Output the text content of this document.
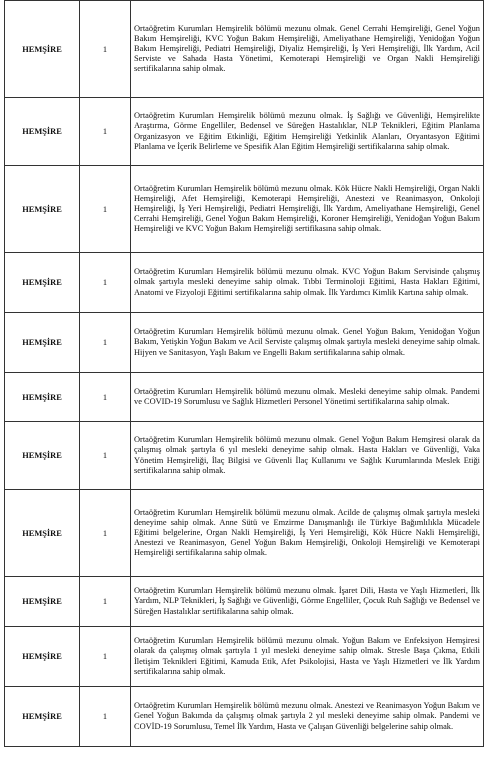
HEMŞİRE	1	Ortaöğretim Kurumları Hemşirelik bölümü mezunu olmak. Genel Cerrahi Hemşireliği, Genel Yoğun Bakım Hemşireliği, KVC Yoğun Bakım Hemşireliği, Ameliyathane Hemşireliği, Yenidoğan Yoğun Bakım Hemşireliği, Pediatri Hemşireliği, Diyaliz Hemşireliği, İş Yeri Hemşireliği, İlk Yardım, Acil Serviste ve Sahada Hasta Yönetimi, Kemoterapi Hemşireliği ve Organ Nakli Hemşireliği sertifikalarına sahip olmak.
HEMŞİRE	1	Ortaöğretim Kurumları Hemşirelik bölümü mezunu olmak. İş Sağlığı ve Güvenliği, Hemşirelikte Araştırma, Görme Engelliler, Bedensel ve Süreğen Hastalıklar, NLP Teknikleri, Eğitim Planlama Organizasyon ve Eğitim Etkinliği, Eğitim Hemşireliği Yetkinlik Alanları, Oryantasyon Eğitimi Planlama ve İçerik Belirleme ve Spesifik Alan Eğitim Hemşireliği sertifikalarına sahip olmak.
HEMŞİRE	1	Ortaöğretim Kurumları Hemşirelik bölümü mezunu olmak. Kök Hücre Nakli Hemşireliği, Organ Nakli Hemşireliği, Afet Hemşireliği, Kemoterapi Hemşireliği, Anestezi ve Reanimasyon, Onkoloji Hemşireliği, İş Yeri Hemşireliği, Pediatri Hemşireliği, İlk Yardım, Ameliyathane Hemşireliği, Genel Cerrahi Hemşireliği, Genel Yoğun Bakım Hemşireliği, Koroner Hemşireliği, Yenidoğan Yoğun Bakım Hemşireliği ve KVC Yoğun Bakım Hemşireliği sertifikasına sahip olmak.
HEMŞİRE	1	Ortaöğretim Kurumları Hemşirelik bölümü mezunu olmak. KVC Yoğun Bakım Servisinde çalışmış olmak şartıyla mesleki deneyime sahip olmak. Tıbbi Terminoloji Eğitimi, Hasta Hakları Eğitimi, Anatomi ve Fizyoloji Eğitimi sertifikalarına sahip olmak. İlk Yardımcı Kimlik Kartına sahip olmak.
HEMŞİRE	1	Ortaöğretim Kurumları Hemşirelik bölümü mezunu olmak. Genel Yoğun Bakım, Yenidoğan Yoğun Bakım, Yetişkin Yoğun Bakım ve Acil Serviste çalışmış olmak şartıyla mesleki deneyime sahip olmak. Hijyen ve Sanitasyon, Yaşlı Bakım ve Engelli Bakım sertifikalarına sahip olmak.
HEMŞİRE	1	Ortaöğretim Kurumları Hemşirelik bölümü mezunu olmak. Mesleki deneyime sahip olmak. Pandemi ve COVID-19 Sorumlusu ve Sağlık Hizmetleri Personel Yönetimi sertifikalarına sahip olmak.
HEMŞİRE	1	Ortaöğretim Kurumları Hemşirelik bölümü mezunu olmak. Genel Yoğun Bakım Hemşiresi olarak da çalışmış olmak şartıyla 6 yıl mesleki deneyime sahip olmak. Hasta Hakları ve Güvenliği, Vaka Yönetim Hemşireliği, İlaç Bilgisi ve Güvenli İlaç Kullanımı ve Sağlık Kurumlarında Meslek Etiği sertifikalarına sahip olmak.
HEMŞİRE	1	Ortaöğretim Kurumları Hemşirelik bölümü mezunu olmak. Acilde de çalışmış olmak şartıyla mesleki deneyime sahip olmak. Anne Sütü ve Emzirme Danışmanlığı ile Türkiye Bağımlılıkla Mücadele Eğitimi belgelerine, Organ Nakli Hemşireliği, İş Yeri Hemşireliği, Kök Hücre Nakli Hemşireliği, Anestezi ve Reanimasyon, Genel Yoğun Bakım Hemşireliği, Onkoloji Hemşireliği ve Kemoterapi Hemşireliği sertifikalarına sahip olmak.
HEMŞİRE	1	Ortaöğretim Kurumları Hemşirelik bölümü mezunu olmak. İşaret Dili, Hasta ve Yaşlı Hizmetleri, İlk Yardım, NLP Teknikleri, İş Sağlığı ve Güvenliği, Görme Engelliler, Çocuk Ruh Sağlığı ve Bedensel ve Süreğen Hastalıklar sertifikalarına sahip olmak.
HEMŞİRE	1	Ortaöğretim Kurumları Hemşirelik bölümü mezunu olmak. Yoğun Bakım ve Enfeksiyon Hemşiresi olarak da çalışmış olmak şartıyla 1 yıl mesleki deneyime sahip olmak. Stresle Başa Çıkma, Etkili İletişim Teknikleri Eğitimi, Kamuda Etik, Afet Psikolojisi, Hasta ve Yaşlı Hizmetleri ve İlk Yardım sertifikalarına sahip olmak.
HEMŞİRE	1	Ortaöğretim Kurumları Hemşirelik bölümü mezunu olmak. Anestezi ve Reanimasyon Yoğun Bakım ve Genel Yoğun Bakımda da çalışmış olmak şartıyla 2 yıl mesleki deneyime sahip olmak. Pandemi ve COVİD-19 Sorumlusu, Temel İlk Yardım, Hasta ve Çalışan Güvenliği belgelerine sahip olmak.
